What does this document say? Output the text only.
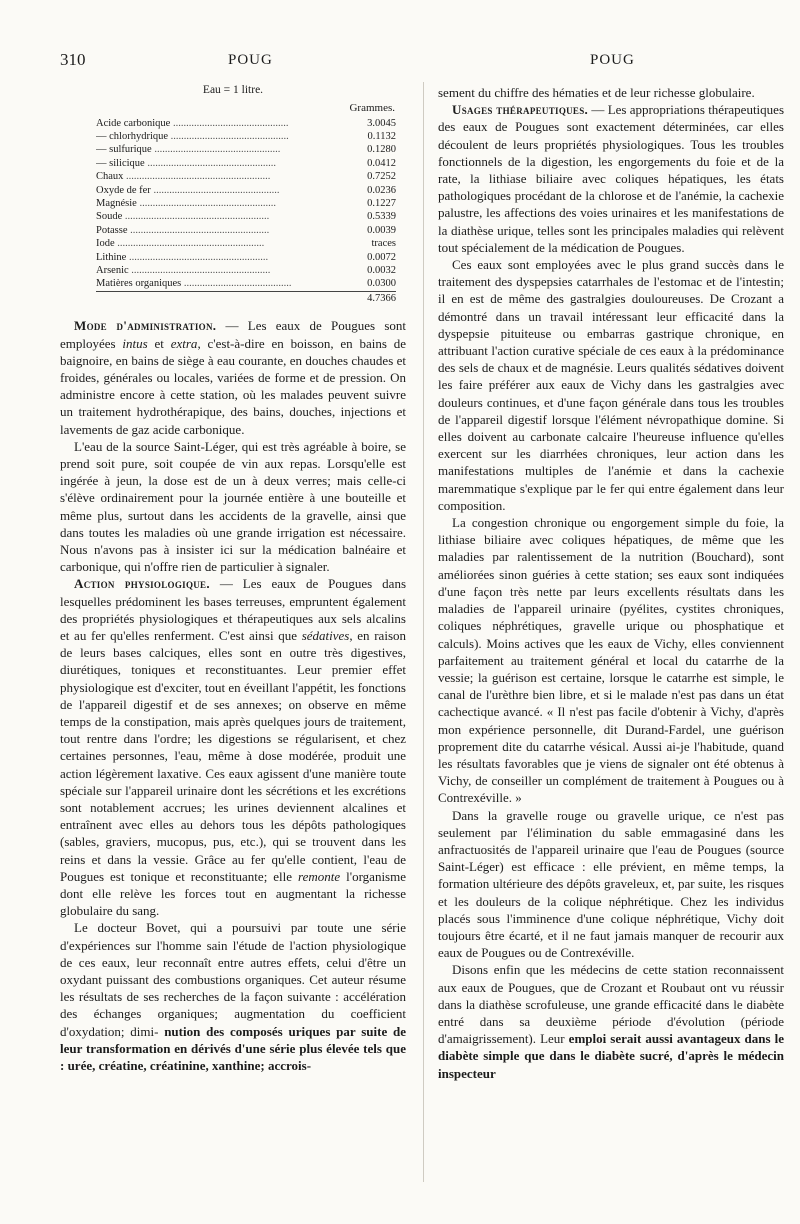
310	POUG	POUG
Eau = 1 litre.
	Grammes.
Acide carbonique ............................................	3.0045
— chlorhydrique .............................................	0.1132
— sulfurique ................................................	0.1280
— silicique .................................................	0.0412
Chaux .......................................................	0.7252
Oxyde de fer ................................................	0.0236
Magnésie ....................................................	0.1227
Soude .......................................................	0.5339
Potasse .....................................................	0.0039
Iode ........................................................	traces
Lithine .....................................................	0.0072
Arsenic .....................................................	0.0032
Matières organiques .........................................	0.0300
	4.7366

Mode d'administration. — Les eaux de Pougues sont employées intus et extra, c'est-à-dire en boisson, en bains de baignoire, en bains de siège à eau courante, en douches chaudes et froides, générales ou locales, variées de forme et de pression. On administre encore à cette station, où les malades peuvent suivre un traitement hydrothérapique, des bains, douches, injections et lavements de gaz acide carbonique.

L'eau de la source Saint-Léger, qui est très agréable à boire, se prend soit pure, soit coupée de vin aux repas. Lorsqu'elle est ingérée à jeun, la dose est de un à deux verres; mais celle-ci s'élève ordinairement pour la journée entière à une bouteille et même plus, surtout dans les accidents de la gravelle, ainsi que dans toutes les maladies où une grande irrigation est nécessaire. Nous n'avons pas à insister ici sur la médication balnéaire et carbonique, qui n'offre rien de particulier à signaler.

Action physiologique. — Les eaux de Pougues dans lesquelles prédominent les bases terreuses, empruntent également des propriétés physiologiques et thérapeutiques aux sels alcalins et au fer qu'elles renferment. C'est ainsi que sédatives, en raison de leurs bases calciques, elles sont en outre très digestives, diurétiques, toniques et reconstituantes. Leur premier effet physiologique est d'exciter, tout en éveillant l'appétit, les fonctions de l'appareil digestif et de ses annexes; on observe en même temps de la constipation, mais après quelques jours de traitement, tout rentre dans l'ordre; les digestions se régularisent, et chez certaines personnes, l'eau, même à dose modérée, produit une action légèrement laxative. Ces eaux agissent d'une manière toute spéciale sur l'appareil urinaire dont les sécrétions et les excrétions sont notablement accrues; les urines deviennent alcalines et entraînent avec elles au dehors tous les dépôts pathologiques (sables, graviers, mucopus, pus, etc.), qui se trouvent dans les reins et dans la vessie. Grâce au fer qu'elle contient, l'eau de Pougues est tonique et reconstituante; elle remonte l'organisme dont elle relève les forces tout en augmentant la richesse globulaire du sang.

Le docteur Bovet, qui a poursuivi par toute une série d'expériences sur l'homme sain l'étude de l'action physiologique de ces eaux, leur reconnaît entre autres effets, celui d'être un oxydant puissant des combustions organiques. Cet auteur résume les résultats de ses recherches de la façon suivante : accélération des échanges organiques; augmentation du coefficient d'oxydation; dimi- nution des composés uriques par suite de leur transformation en dérivés d'une série plus élevée tels que : urée, créatine, créatinine, xanthine; accrois-

sement du chiffre des hématies et de leur richesse globulaire.

Usages thérapeutiques. — Les appropriations thérapeutiques des eaux de Pougues sont exactement déterminées, car elles découlent de leurs propriétés physiologiques. Tous les troubles fonctionnels de la digestion, les engorgements du foie et de la rate, la lithiase biliaire avec coliques hépatiques, les états pathologiques procédant de la chlorose et de l'anémie, la cachexie palustre, les affections des voies urinaires et les manifestations de la diathèse urique, telles sont les principales maladies qui relèvent tout spécialement de la médication de Pougues.

Ces eaux sont employées avec le plus grand succès dans le traitement des dyspepsies catarrhales de l'estomac et de l'intestin; il en est de même des gastralgies douloureuses. De Crozant a démontré dans un travail intéressant leur efficacité dans la dyspepsie pituiteuse ou embarras gastrique chronique, en attribuant l'action curative spéciale de ces eaux à la prédominance des sels de chaux et de magnésie. Leurs qualités sédatives doivent les faire préférer aux eaux de Vichy dans les gastralgies avec douleurs continues, et d'une façon générale dans tous les troubles de l'appareil digestif lorsque l'élément névropathique domine. Si elles doivent au carbonate calcaire l'heureuse influence qu'elles exercent sur les diarrhées chroniques, leur action dans les manifestations multiples de l'anémie et dans la cachexie maremmatique s'explique par le fer qui entre également dans leur composition.

La congestion chronique ou engorgement simple du foie, la lithiase biliaire avec coliques hépatiques, de même que les maladies par ralentissement de la nutrition (Bouchard), sont améliorées sinon guéries à cette station; ses eaux sont indiquées d'une façon très nette par leurs excellents résultats dans les maladies de l'appareil urinaire (pyélites, cystites chroniques, coliques néphrétiques, gravelle urique ou phosphatique et calculs). Moins actives que les eaux de Vichy, elles conviennent parfaitement au traitement général et local du catarrhe de la vessie; la guérison est certaine, lorsque le catarrhe est simple, le canal de l'urèthre bien libre, et si le malade n'est pas dans un état cachectique avancé. « Il n'est pas facile d'obtenir à Vichy, d'après mon expérience personnelle, dit Durand-Fardel, une guérison proprement dite du catarrhe vésical. Aussi ai-je l'habitude, quand les résultats favorables que je viens de signaler ont été obtenus à Vichy, de conseiller un complément de traitement à Pougues ou à Contrexéville. »

Dans la gravelle rouge ou gravelle urique, ce n'est pas seulement par l'élimination du sable emmagasiné dans les anfractuosités de l'appareil urinaire que l'eau de Pougues (source Saint-Léger) est efficace : elle prévient, en même temps, la formation ultérieure des dépôts graveleux, et, par suite, les risques et les douleurs de la colique néphrétique. Chez les individus placés sous l'imminence d'une colique néphrétique, Vichy doit toujours être écarté, et il ne faut jamais manquer de recourir aux eaux de Pougues ou de Contrexéville.

Disons enfin que les médecins de cette station reconnaissent aux eaux de Pougues, que de Crozant et Roubaut ont vu réussir dans la diathèse scrofuleuse, une grande efficacité dans le diabète entré dans sa deuxième période d'évolution (période d'amaigrissement). Leur emploi serait aussi avantageux dans le diabète simple que dans le diabète sucré, d'après le médecin inspecteur
